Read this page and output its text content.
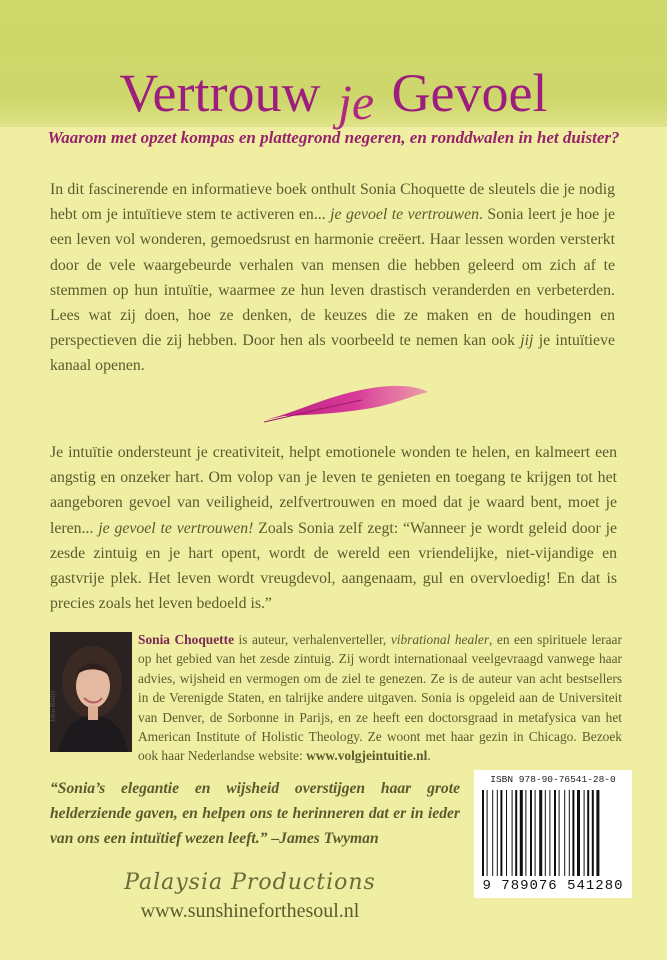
Vertrouw je Gevoel
Waarom met opzet kompas en plattegrond negeren, en ronddwalen in het duister?

In dit fascinerende en informatieve boek onthult Sonia Choquette de sleutels die je nodig hebt om je intuïtieve stem te activeren en... je gevoel te vertrouwen. Sonia leert je hoe je een leven vol wonderen, gemoedsrust en harmonie creëert. Haar lessen worden versterkt door de vele waargebeurde verhalen van mensen die hebben geleerd om zich af te stemmen op hun intuïtie, waarmee ze hun leven drastisch veranderden en verbeterden. Lees wat zij doen, hoe ze denken, de keuzes die ze maken en de houdingen en perspectieven die zij hebben. Door hen als voorbeeld te nemen kan ook jij je intuïtieve kanaal openen.

Je intuïtie ondersteunt je creativiteit, helpt emotionele wonden te helen, en kalmeert een angstig en onzeker hart. Om volop van je leven te genieten en toegang te krijgen tot het aangeboren gevoel van veiligheid, zelfvertrouwen en moed dat je waard bent, moet je leren... je gevoel te vertrouwen! Zoals Sonia zelf zegt: “Wanneer je wordt geleid door je zesde zintuig en je hart opent, wordt de wereld een vriendelijke, niet-vijandige en gastvrije plek. Het leven wordt vreugdevol, aangenaam, gul en overvloedig! En dat is precies zoals het leven bedoeld is.”

John Reilly

Sonia Choquette is auteur, verhalenverteller, vibrational healer, en een spirituele leraar op het gebied van het zesde zintuig. Zij wordt internationaal veelgevraagd vanwege haar advies, wijsheid en vermogen om de ziel te genezen. Ze is de auteur van acht bestsellers in de Verenigde Staten, en talrijke andere uitgaven. Sonia is opgeleid aan de Universiteit van Denver, de Sorbonne in Parijs, en ze heeft een doctorsgraad in metafysica van het American Institute of Holistic Theology. Ze woont met haar gezin in Chicago. Bezoek ook haar Nederlandse website: www.volgjeintuitie.nl.

“Sonia’s elegantie en wijsheid overstijgen haar grote helderziende gaven, en helpen ons te herinneren dat er in ieder van ons een intuïtief wezen leeft.” –James Twyman

ISBN 978-90-76541-28-0
9 789076 541280
Palaysia Productions
www.sunshineforthesoul.nl
